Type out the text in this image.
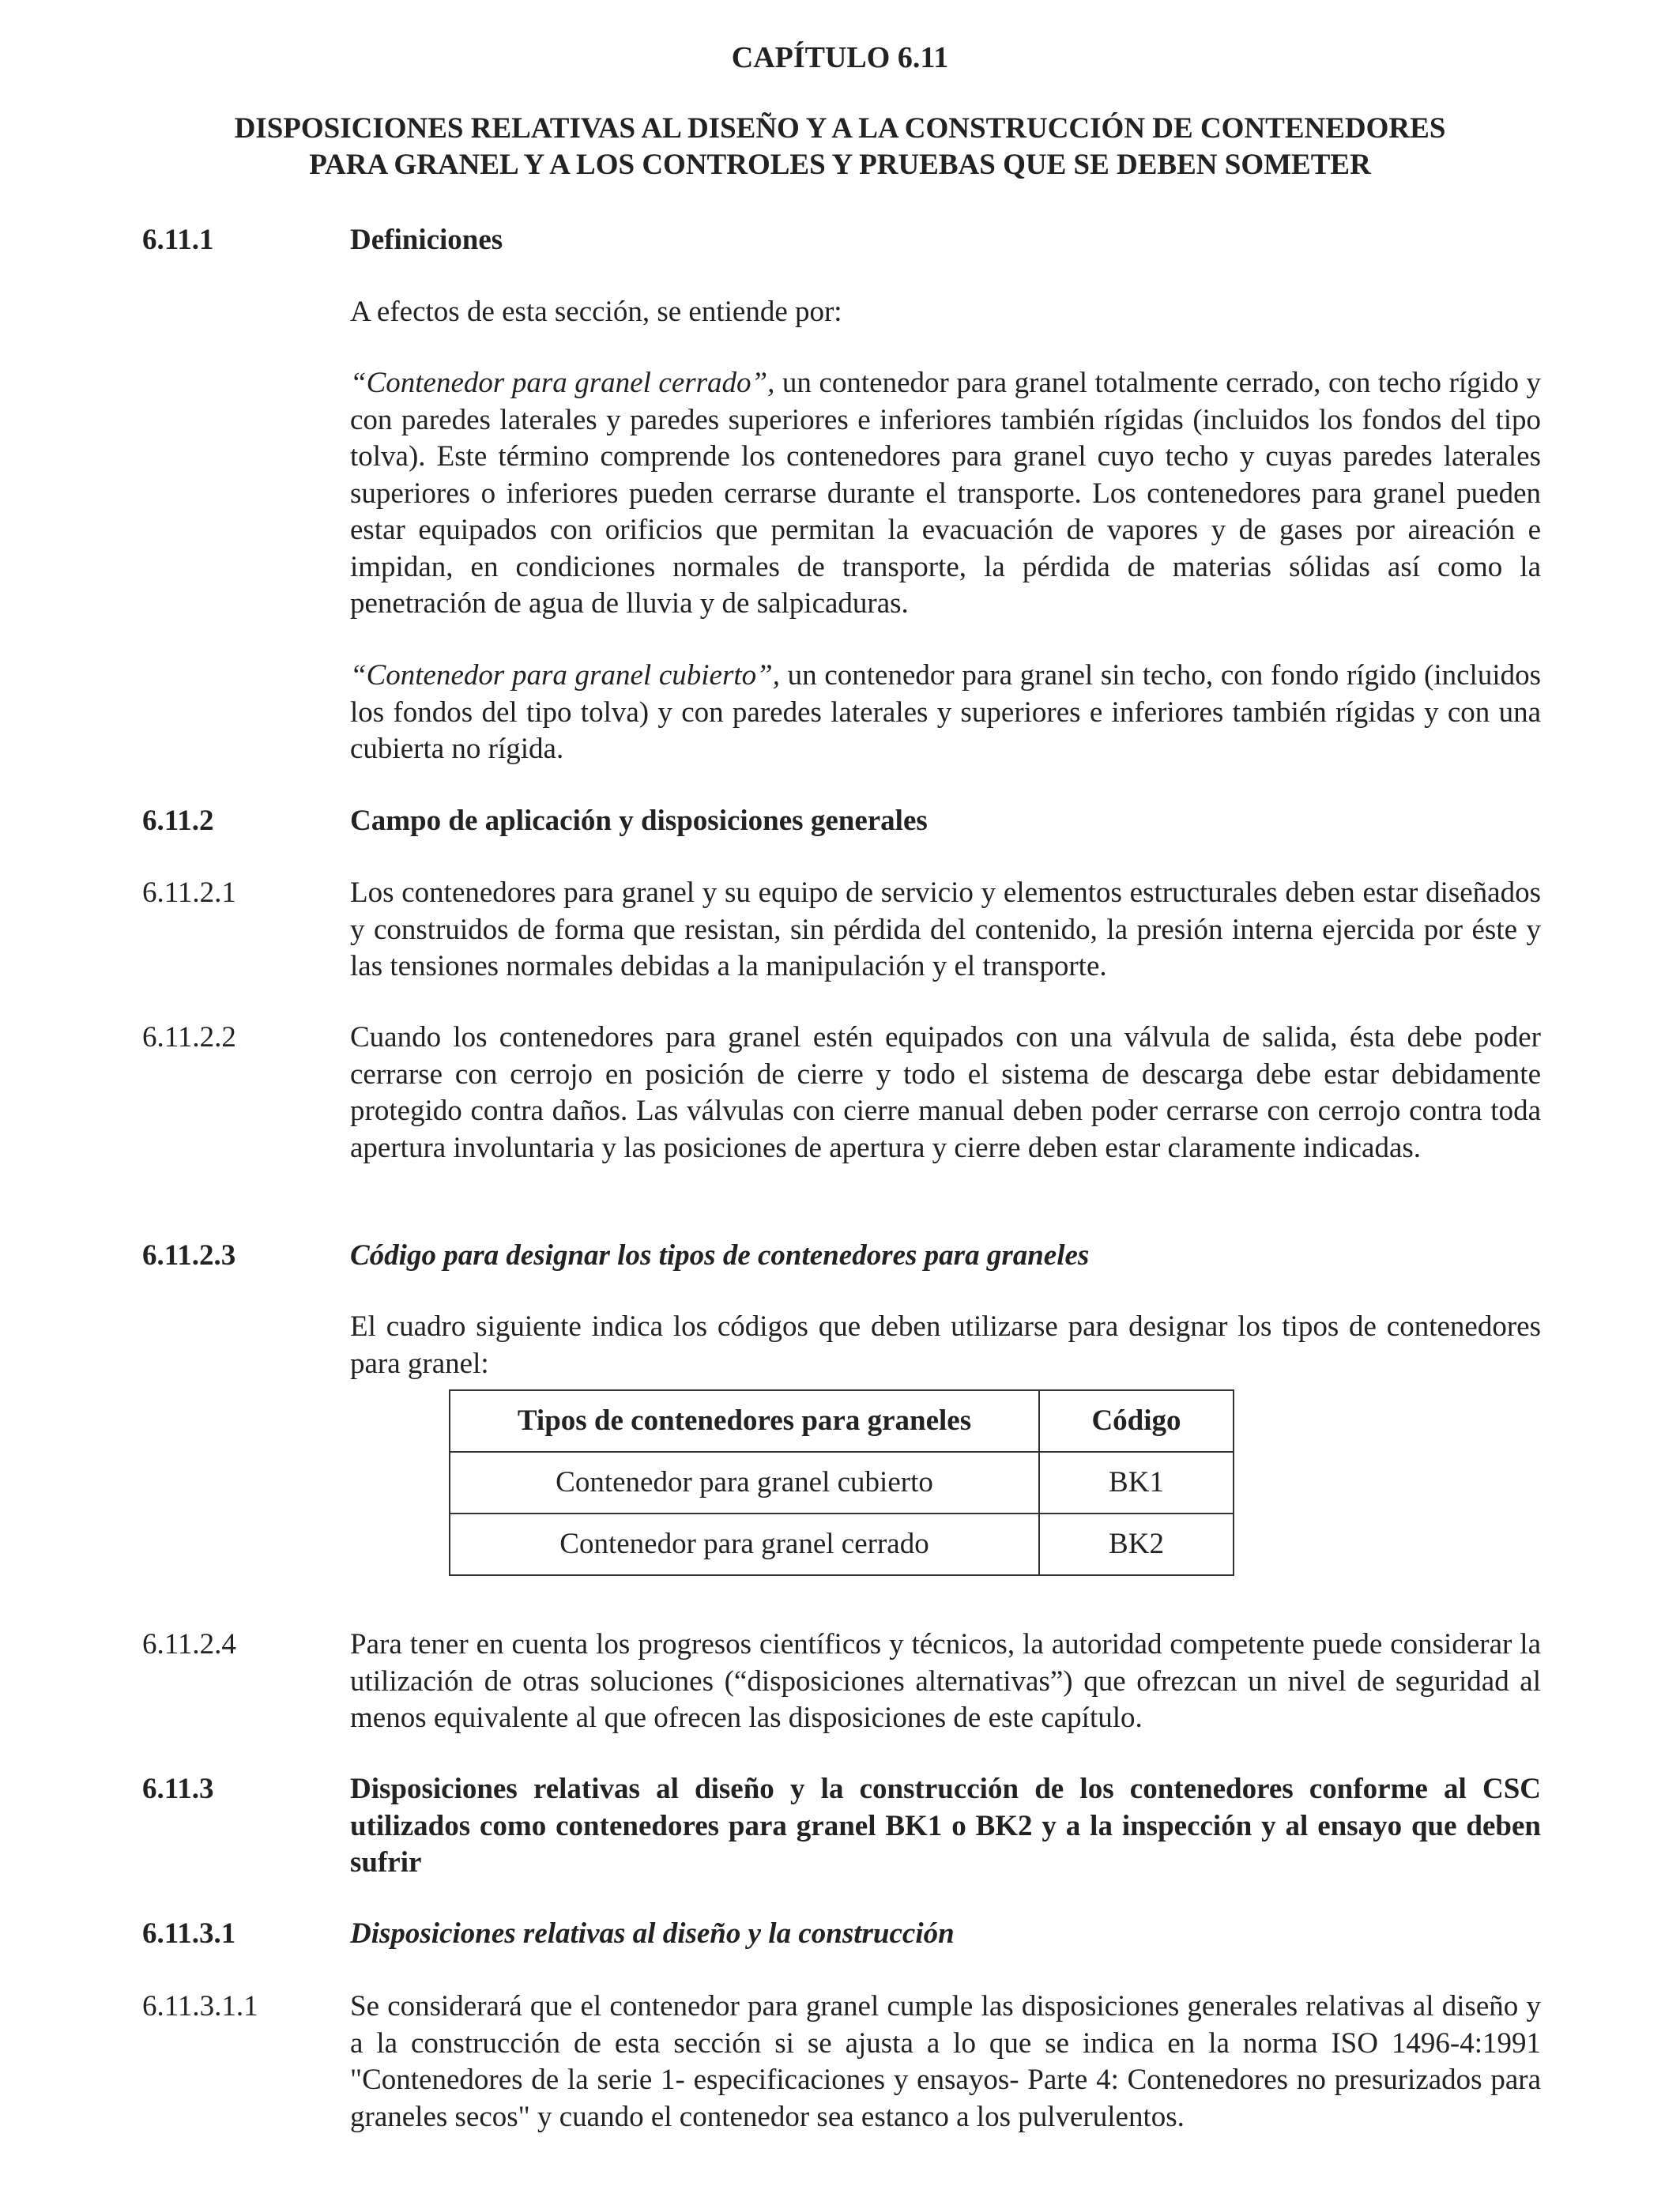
CAPÍTULO 6.11
DISPOSICIONES RELATIVAS AL DISEÑO Y A LA CONSTRUCCIÓN DE CONTENEDORES
PARA GRANEL Y A LOS CONTROLES Y PRUEBAS QUE SE DEBEN SOMETER
6.11.1	Definiciones
A efectos de esta sección, se entiende por:
“Contenedor para granel cerrado”, un contenedor para granel totalmente cerrado, con techo rígido y con paredes laterales y paredes superiores e inferiores también rígidas (incluidos los fondos del tipo tolva). Este término comprende los contenedores para granel cuyo techo y cuyas paredes laterales superiores o inferiores pueden cerrarse durante el transporte. Los contenedores para granel pueden estar equipados con orificios que permitan la evacuación de vapores y de gases por aireación e impidan, en condiciones normales de transporte, la pérdida de materias sólidas así como la penetración de agua de lluvia y de salpicaduras.
“Contenedor para granel cubierto”, un contenedor para granel sin techo, con fondo rígido (incluidos los fondos del tipo tolva) y con paredes laterales y superiores e inferiores también rígidas y con una cubierta no rígida.
6.11.2	Campo de aplicación y disposiciones generales
6.11.2.1	Los contenedores para granel y su equipo de servicio y elementos estructurales deben estar diseñados y construidos de forma que resistan, sin pérdida del contenido, la presión interna ejercida por éste y las tensiones normales debidas a la manipulación y el transporte.
6.11.2.2	Cuando los contenedores para granel estén equipados con una válvula de salida, ésta debe poder cerrarse con cerrojo en posición de cierre y todo el sistema de descarga debe estar debidamente protegido contra daños. Las válvulas con cierre manual deben poder cerrarse con cerrojo contra toda apertura involuntaria y las posiciones de apertura y cierre deben estar claramente indicadas.
6.11.2.3	Código para designar los tipos de contenedores para graneles
El cuadro siguiente indica los códigos que deben utilizarse para designar los tipos de contenedores para granel:
Tipos de contenedores para graneles	Código
Contenedor para granel cubierto	BK1
Contenedor para granel cerrado	BK2
6.11.2.4	Para tener en cuenta los progresos científicos y técnicos, la autoridad competente puede considerar la utilización de otras soluciones (“disposiciones alternativas”) que ofrezcan un nivel de seguridad al menos equivalente al que ofrecen las disposiciones de este capítulo.
6.11.3	Disposiciones relativas al diseño y la construcción de los contenedores conforme al CSC utilizados como contenedores para granel BK1 o BK2 y a la inspección y al ensayo que deben sufrir
6.11.3.1	Disposiciones relativas al diseño y la construcción
6.11.3.1.1	Se considerará que el contenedor para granel cumple las disposiciones generales relativas al diseño y a la construcción de esta sección si se ajusta a lo que se indica en la norma ISO 1496-4:1991 "Contenedores de la serie 1- especificaciones y ensayos- Parte 4: Contenedores no presurizados para graneles secos" y cuando el contenedor sea estanco a los pulverulentos.
